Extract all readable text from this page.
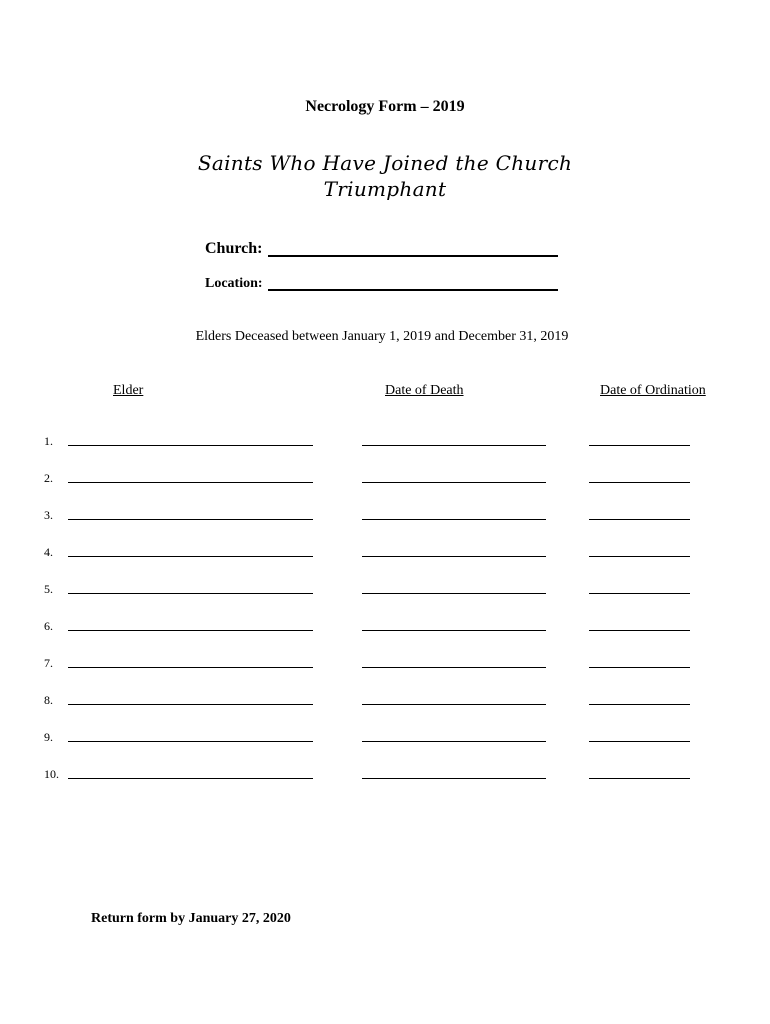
Necrology Form – 2019
Saints Who Have Joined the Church
Triumphant
Church:
Location:
Elders Deceased between January 1, 2019 and December 31, 2019
Elder	Date of Death	Date of Ordination
1.
2.
3.
4.
5.
6.
7.
8.
9.
10.
Return form by January 27, 2020
